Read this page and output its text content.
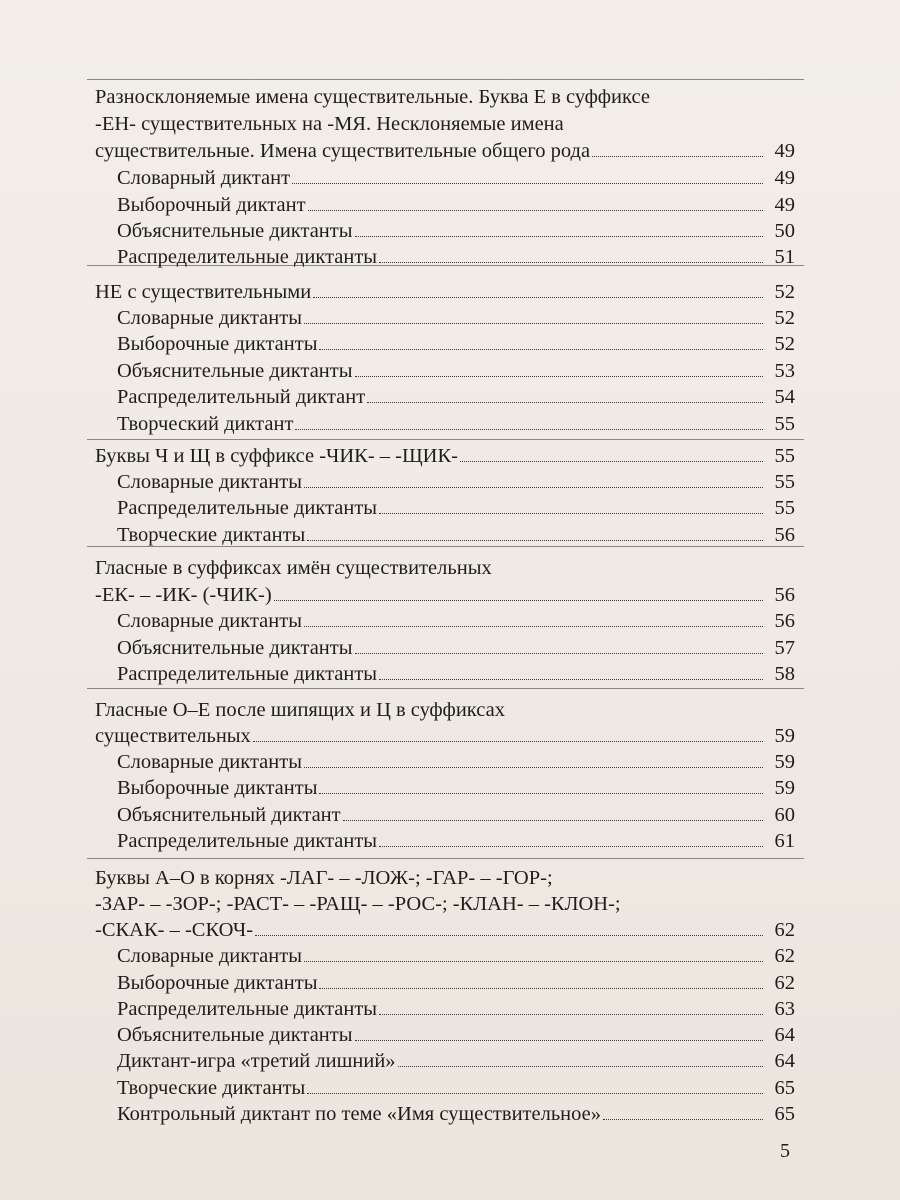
Разносклоняемые имена существительные. Буква Е в суффиксе
-ЕН- существительных на -МЯ. Несклоняемые имена
существительные. Имена существительные общего рода	49
Словарный диктант	49
Выборочный диктант	49
Объяснительные диктанты	50
Распределительные диктанты	51
НЕ с существительными	52
Словарные диктанты	52
Выборочные диктанты	52
Объяснительные диктанты	53
Распределительный диктант	54
Творческий диктант	55
Буквы Ч и Щ в суффиксе -ЧИК- – -ЩИК-	55
Словарные диктанты	55
Распределительные диктанты	55
Творческие диктанты	56
Гласные в суффиксах имён существительных
-ЕК- – -ИК- (-ЧИК-)	56
Словарные диктанты	56
Объяснительные диктанты	57
Распределительные диктанты	58
Гласные О–Е после шипящих и Ц в суффиксах
существительных	59
Словарные диктанты	59
Выборочные диктанты	59
Объяснительный диктант	60
Распределительные диктанты	61
Буквы А–О в корнях -ЛАГ- – -ЛОЖ-; -ГАР- – -ГОР-;
-ЗАР- – -ЗОР-; -РАСТ- – -РАЩ- – -РОС-; -КЛАН- – -КЛОН-;
-СКАК- – -СКОЧ-	62
Словарные диктанты	62
Выборочные диктанты	62
Распределительные диктанты	63
Объяснительные диктанты	64
Диктант-игра «третий лишний»	64
Творческие диктанты	65
Контрольный диктант по теме «Имя существительное»	65
5
